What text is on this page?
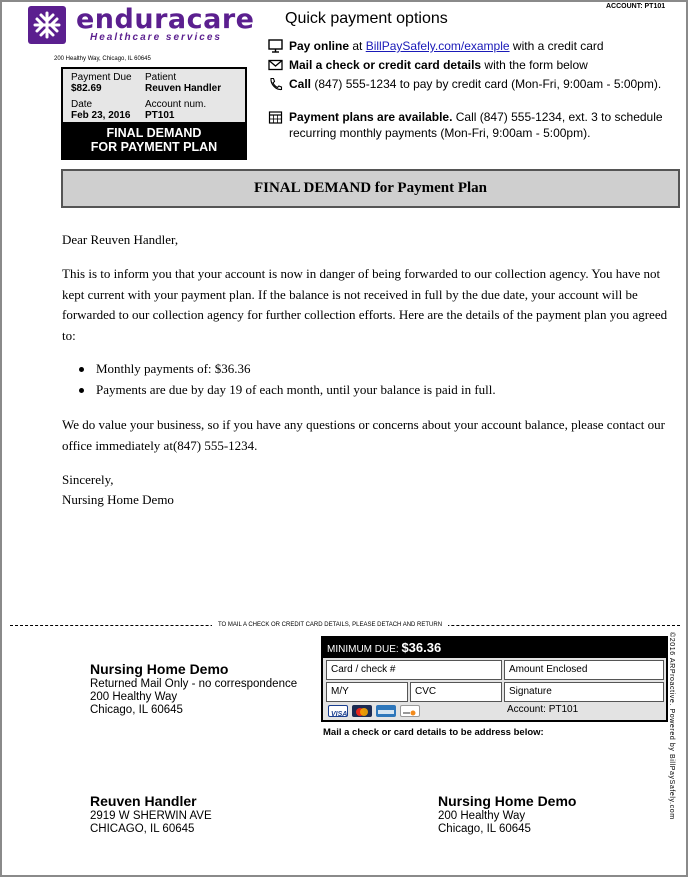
ACCOUNT: PT101
enduracare
Healthcare services
200 Healthy Way, Chicago, IL 60645
Payment Due
$82.69
Patient
Reuven Handler
Date
Feb 23, 2016
Account num.
PT101
FINAL DEMAND
FOR PAYMENT PLAN
Quick payment options
Pay online at BillPaySafely.com/example with a credit card
Mail a check or credit card details with the form below
Call (847) 555-1234 to pay by credit card (Mon-Fri, 9:00am - 5:00pm).
Payment plans are available. Call (847) 555-1234, ext. 3 to schedule recurring monthly payments (Mon-Fri, 9:00am - 5:00pm).
FINAL DEMAND for Payment Plan
Dear Reuven Handler,
This is to inform you that your account is now in danger of being forwarded to our collection agency. You have not kept current with your payment plan. If the balance is not received in full by the due date, your account will be forwarded to our collection agency for further collection efforts. Here are the details of the payment plan you agreed to:
Monthly payments of: $36.36
Payments are due by day 19 of each month, until your balance is paid in full.
We do value your business, so if you have any questions or concerns about your account balance, please contact our office immediately at(847) 555-1234.
Sincerely,
Nursing Home Demo
TO MAIL A CHECK OR CREDIT CARD DETAILS, PLEASE DETACH AND RETURN
©2016 ARProactive. Powered by BillPaySafely.com
Nursing Home Demo
Returned Mail Only - no correspondence
200 Healthy Way
Chicago, IL 60645
MINIMUM DUE: $36.36
Card / check #	Amount Enclosed
M/Y	CVC	Signature
VISA	Account: PT101
Mail a check or card details to be address below:
Reuven Handler
2919 W SHERWIN AVE
CHICAGO, IL 60645
Nursing Home Demo
200 Healthy Way
Chicago, IL 60645
